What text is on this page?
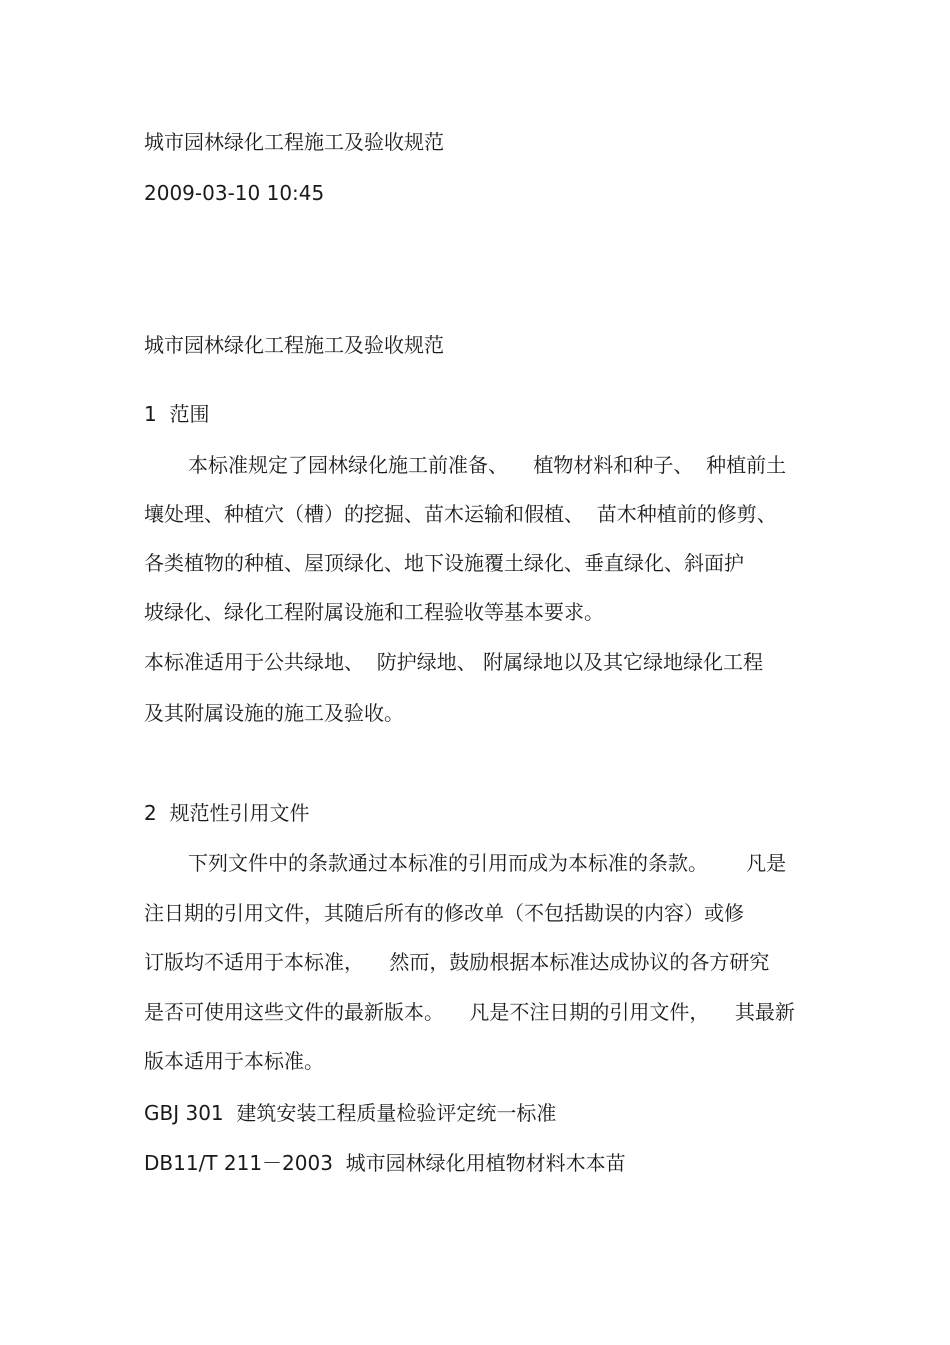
城市园林绿化工程施工及验收规范

2009-03-10 10:45

城市园林绿化工程施工及验收规范

1  范围

本标准规定了园林绿化施工前准备、    植物材料和种子、  种植前土

壤处理、种植穴（槽）的挖掘、苗木运输和假植、  苗木种植前的修剪、

各类植物的种植、屋顶绿化、地下设施覆土绿化、垂直绿化、斜面护

坡绿化、绿化工程附属设施和工程验收等基本要求。

本标准适用于公共绿地、  防护绿地、 附属绿地以及其它绿地绿化工程

及其附属设施的施工及验收。

2  规范性引用文件

下列文件中的条款通过本标准的引用而成为本标准的条款。      凡是

注日期的引用文件，其随后所有的修改单（不包括勘误的内容）或修

订版均不适用于本标准，    然而，鼓励根据本标准达成协议的各方研究

是否可使用这些文件的最新版本。    凡是不注日期的引用文件，    其最新

版本适用于本标准。

GBJ 301  建筑安装工程质量检验评定统一标准

DB11/T 211－2003  城市园林绿化用植物材料木本苗
